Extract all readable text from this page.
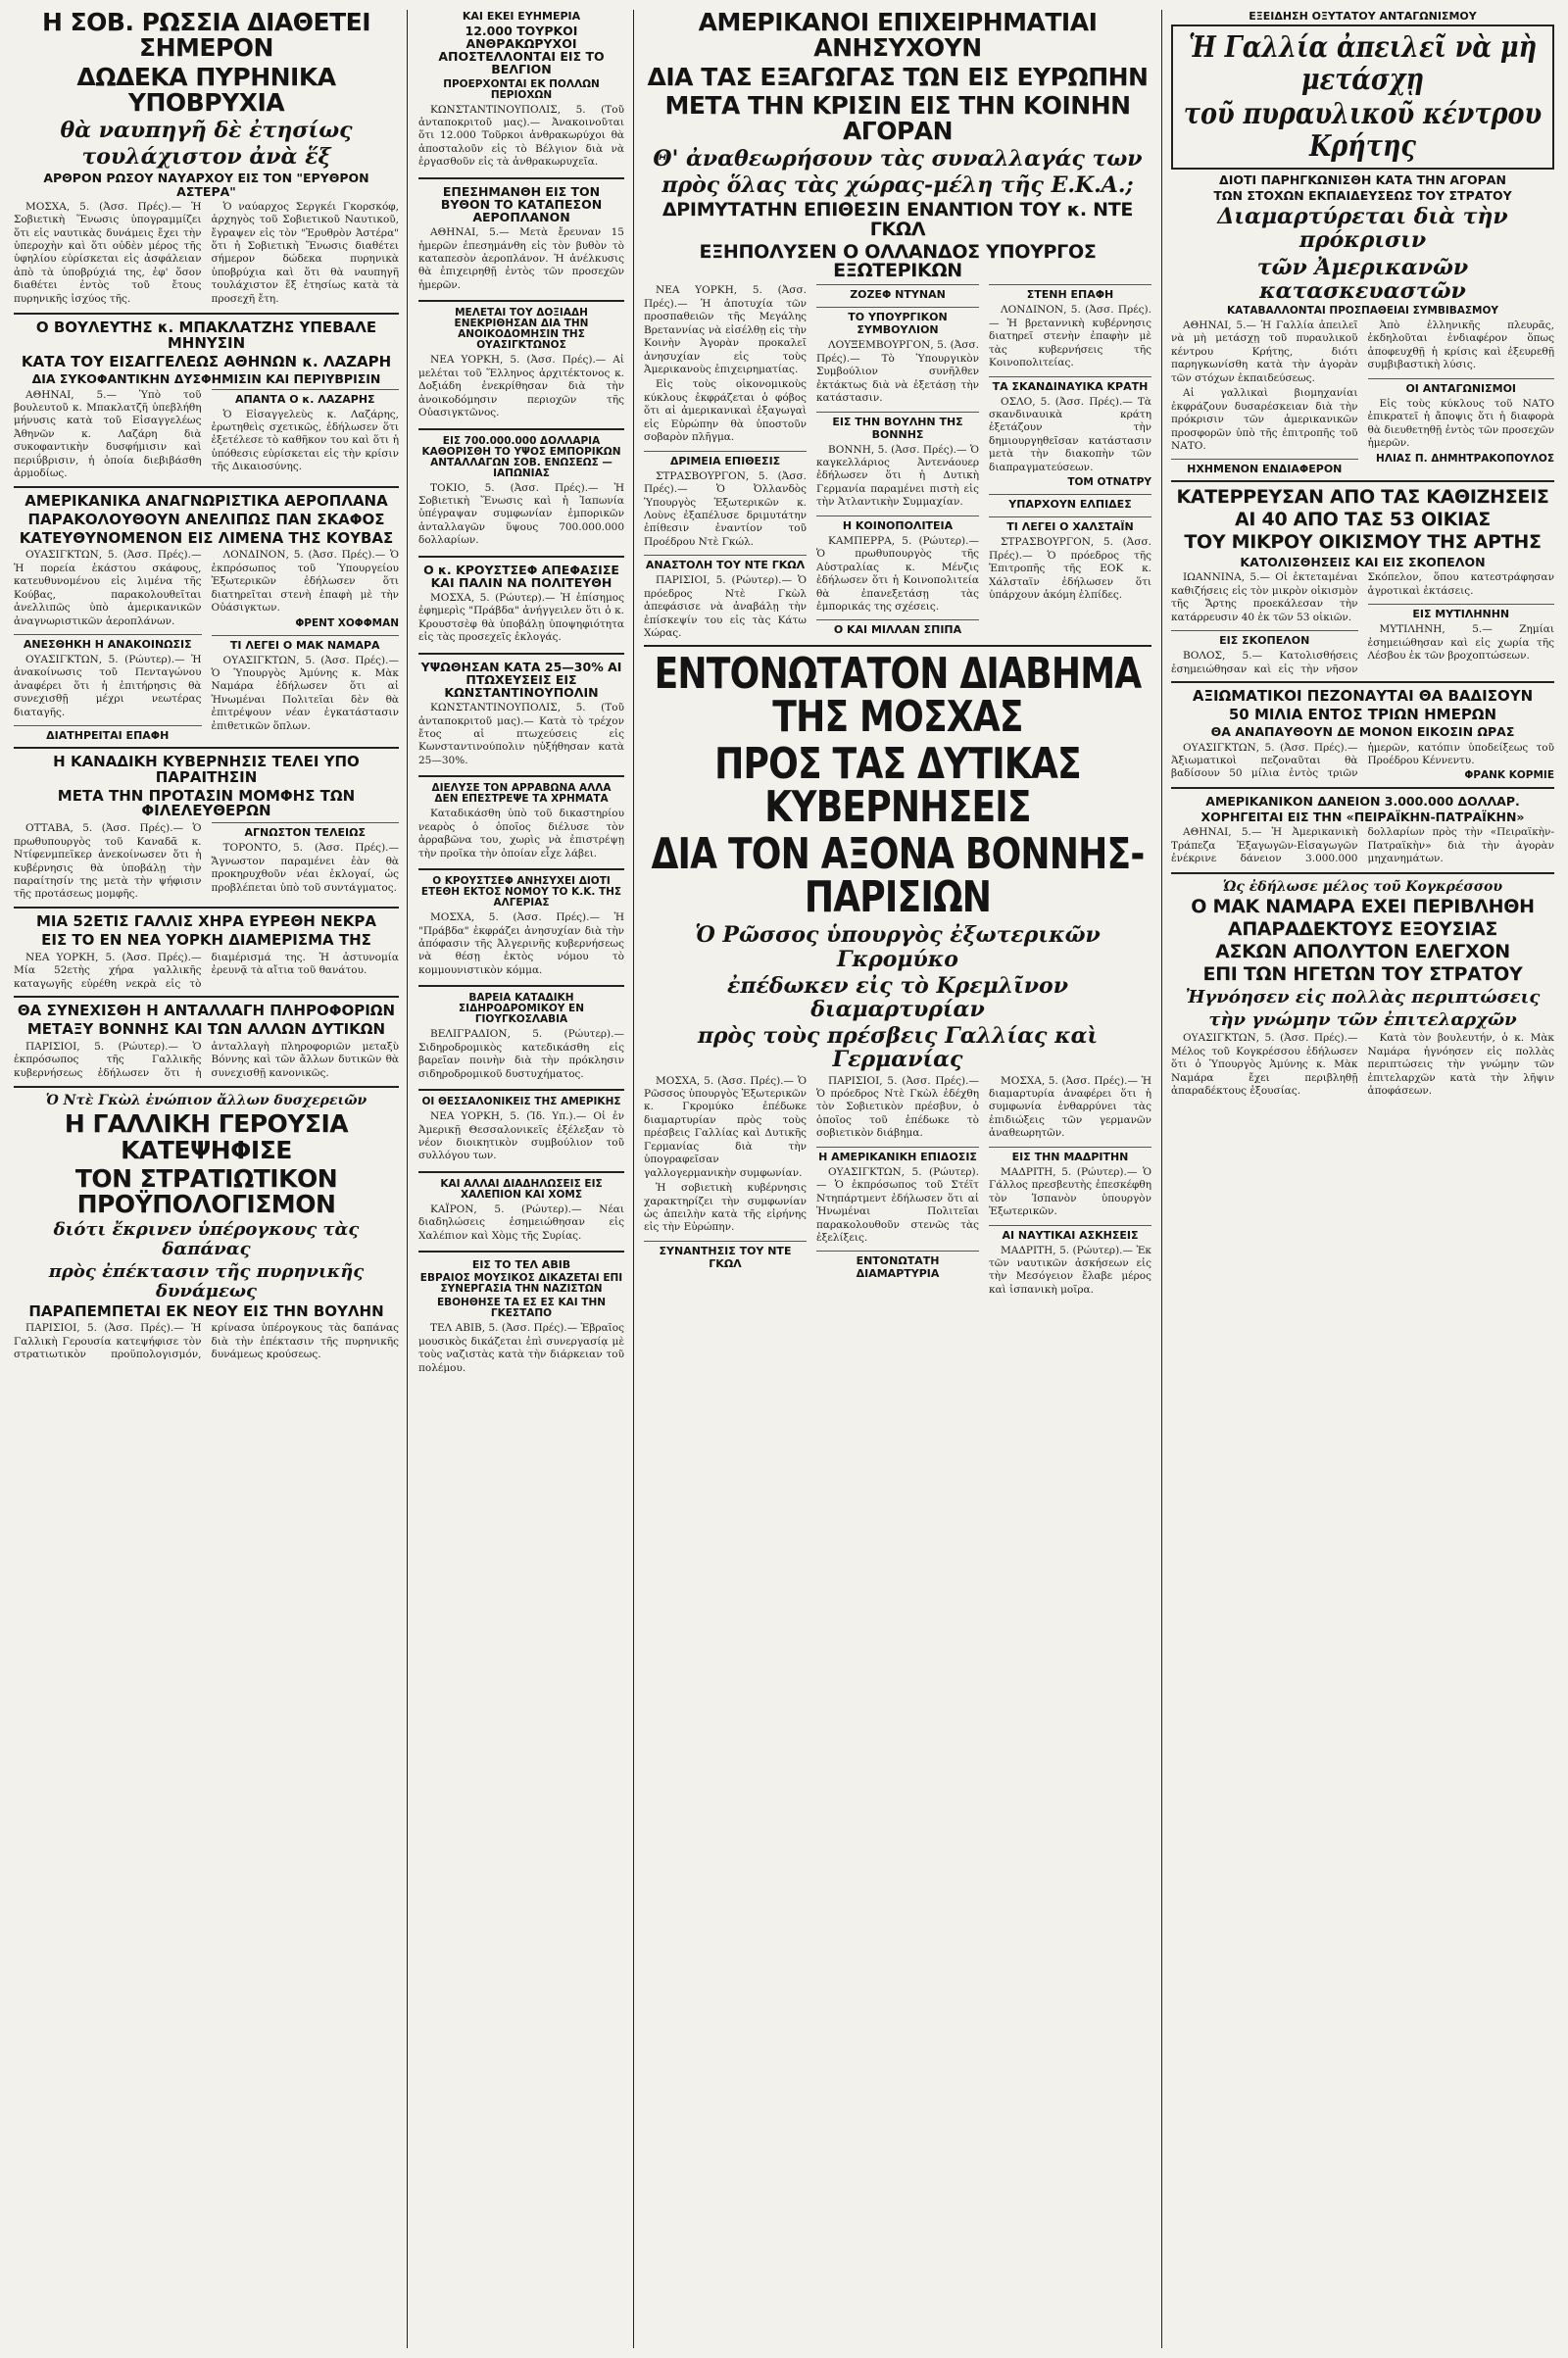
Η ΣΟΒ. ΡΩΣΣΙΑ ΔΙΑΘΕΤΕΙ ΣΗΜΕΡΟΝ
ΔΩΔΕΚΑ ΠΥΡΗΝΙΚΑ ΥΠΟΒΡΥΧΙΑ
θὰ ναυπηγῆ δὲ ἐτησίως
τουλάχιστον ἀνὰ ἕξ
ΑΡΘΡΟΝ ΡΩΣΟΥ ΝΑΥΑΡΧΟΥ ΕΙΣ ΤΟΝ "ΕΡΥΘΡΟΝ ΑΣΤΕΡΑ"

ΜΟΣΧΑ, 5. (Ἀσσ. Πρές).— Ἡ Σοβιετικὴ Ἕνωσις ὑπογραμμίζει ὅτι εἰς ναυτικὰς δυνάμεις ἔχει τὴν ὑπεροχὴν καὶ ὅτι οὐδὲν μέρος τῆς ὑφηλίου εὑρίσκεται εἰς ἀσφάλειαν ἀπὸ τὰ ὑποβρύχιά της, ἐφ' ὅσον διαθέτει ἐντὸς τοῦ ἔτους πυρηνικῆς ἰσχύος τῆς.

Ὁ ναύαρχος Σεργκέι Γκορσκόφ, ἀρχηγὸς τοῦ Σοβιετικοῦ Ναυτικοῦ, ἔγραψεν εἰς τὸν "Ἐρυθρὸν Ἀστέρα" ὅτι ἡ Σοβιετικὴ Ἕνωσις διαθέτει σήμερον δώδεκα πυρηνικὰ ὑποβρύχια καὶ ὅτι θὰ ναυπηγῆ τουλάχιστον ἕξ ἐτησίως κατὰ τὰ προσεχῆ ἔτη.

Ο ΒΟΥΛΕΥΤΗΣ κ. ΜΠΑΚΛΑΤΖΗΣ ΥΠΕΒΑΛΕ ΜΗΝΥΣΙΝ
ΚΑΤΑ ΤΟΥ ΕΙΣΑΓΓΕΛΕΩΣ ΑΘΗΝΩΝ κ. ΛΑΖΑΡΗ
ΔΙΑ ΣΥΚΟΦΑΝΤΙΚΗΝ ΔΥΣΦΗΜΙΣΙΝ ΚΑΙ ΠΕΡΙΥΒΡΙΣΙΝ

ΑΘΗΝΑΙ, 5.— Ὑπὸ τοῦ βουλευτοῦ κ. Μπακλατζῆ ὑπεβλήθη μήνυσις κατὰ τοῦ Εἰσαγγελέως Ἀθηνῶν κ. Λαζάρη διὰ συκοφαντικὴν δυσφήμισιν καὶ περιΰβρισιν, ἡ ὁποία διεβιβάσθη ἀρμοδίως.

ΑΠΑΝΤΑ Ο κ. ΛΑΖΑΡΗΣ

Ὁ Εἰσαγγελεὺς κ. Λαζάρης, ἐρωτηθεὶς σχετικῶς, ἐδήλωσεν ὅτι ἐξετέλεσε τὸ καθῆκον του καὶ ὅτι ἡ ὑπόθεσις εὑρίσκεται εἰς τὴν κρίσιν τῆς Δικαιοσύνης.

ΑΜΕΡΙΚΑΝΙΚΑ ΑΝΑΓΝΩΡΙΣΤΙΚΑ ΑΕΡΟΠΛΑΝΑ
ΠΑΡΑΚΟΛΟΥΘΟΥΝ ΑΝΕΛΙΠΩΣ ΠΑΝ ΣΚΑΦΟΣ
ΚΑΤΕΥΘΥΝΟΜΕΝΟΝ ΕΙΣ ΛΙΜΕΝΑ ΤΗΣ ΚΟΥΒΑΣ

ΟΥΑΣΙΓΚΤΩΝ, 5. (Ἀσσ. Πρές).— Ἡ πορεία ἑκάστου σκάφους, κατευθυνομένου εἰς λιμένα τῆς Κούβας, παρακολουθεῖται ἀνελλιπῶς ὑπὸ ἀμερικανικῶν ἀναγνωριστικῶν ἀεροπλάνων.

ΑΝΕΣΘΗΚΗ Η ΑΝΑΚΟΙΝΩΣΙΣ

ΟΥΑΣΙΓΚΤΩΝ, 5. (Ρώυτερ).— Ἡ ἀνακοίνωσις τοῦ Πενταγώνου ἀναφέρει ὅτι ἡ ἐπιτήρησις θὰ συνεχισθῇ μέχρι νεωτέρας διαταγῆς.

ΔΙΑΤΗΡΕΙΤΑΙ ΕΠΑΦΗ

ΛΟΝΔΙΝΟΝ, 5. (Ἀσσ. Πρές).— Ὁ ἐκπρόσωπος τοῦ Ὑπουργείου Ἐξωτερικῶν ἐδήλωσεν ὅτι διατηρεῖται στενὴ ἐπαφὴ μὲ τὴν Οὐάσιγκτων.

ΦΡΕΝΤ ΧΟΦΦΜΑΝ
ΤΙ ΛΕΓΕΙ Ο ΜΑΚ ΝΑΜΑΡΑ

ΟΥΑΣΙΓΚΤΩΝ, 5. (Ἀσσ. Πρές).— Ὁ Ὑπουργὸς Ἀμύνης κ. Μὰκ Ναμάρα ἐδήλωσεν ὅτι αἱ Ἡνωμέναι Πολιτεῖαι δὲν θὰ ἐπιτρέψουν νέαν ἐγκατάστασιν ἐπιθετικῶν ὅπλων.

Η ΚΑΝΑΔΙΚΗ ΚΥΒΕΡΝΗΣΙΣ ΤΕΛΕΙ ΥΠΟ ΠΑΡΑΙΤΗΣΙΝ
ΜΕΤΑ ΤΗΝ ΠΡΟΤΑΣΙΝ ΜΟΜΦΗΣ ΤΩΝ ΦΙΛΕΛΕΥΘΕΡΩΝ

ΟΤΤΑΒΑ, 5. (Ἀσσ. Πρές).— Ὁ πρωθυπουργὸς τοῦ Καναδᾶ κ. Ντίφενμπεϊκερ ἀνεκοίνωσεν ὅτι ἡ κυβέρνησις θὰ ὑποβάλῃ τὴν παραίτησίν της μετὰ τὴν ψήφισιν τῆς προτάσεως μομφῆς.

ΑΓΝΩΣΤΟΝ ΤΕΛΕΙΩΣ

ΤΟΡΟΝΤΟ, 5. (Ἀσσ. Πρές).— Ἄγνωστον παραμένει ἐὰν θὰ προκηρυχθοῦν νέαι ἐκλογαί, ὡς προβλέπεται ὑπὸ τοῦ συντάγματος.

ΜΙΑ 52ΕΤΙΣ ΓΑΛΛΙΣ ΧΗΡΑ ΕΥΡΕΘΗ ΝΕΚΡΑ
ΕΙΣ ΤΟ ΕΝ ΝΕΑ ΥΟΡΚΗ ΔΙΑΜΕΡΙΣΜΑ ΤΗΣ

ΝΕΑ ΥΟΡΚΗ, 5. (Ἀσσ. Πρές).— Μία 52ετὴς χήρα γαλλικῆς καταγωγῆς εὑρέθη νεκρὰ εἰς τὸ διαμέρισμά της. Ἡ ἀστυνομία ἐρευνᾷ τὰ αἴτια τοῦ θανάτου.

ΘΑ ΣΥΝΕΧΙΣΘΗ Η ΑΝΤΑΛΛΑΓΗ ΠΛΗΡΟΦΟΡΙΩΝ
ΜΕΤΑΞΥ ΒΟΝΝΗΣ ΚΑΙ ΤΩΝ ΑΛΛΩΝ ΔΥΤΙΚΩΝ

ΠΑΡΙΣΙΟΙ, 5. (Ρώυτερ).— Ὁ ἐκπρόσωπος τῆς Γαλλικῆς κυβερνήσεως ἐδήλωσεν ὅτι ἡ ἀνταλλαγὴ πληροφοριῶν μεταξὺ Βόννης καὶ τῶν ἄλλων δυτικῶν θὰ συνεχισθῇ κανονικῶς.

Ὁ Ντὲ Γκὼλ ἐνώπιον ἄλλων δυσχερειῶν
Η ΓΑΛΛΙΚΗ ΓΕΡΟΥΣΙΑ ΚΑΤΕΨΗΦΙΣΕ
ΤΟΝ ΣΤΡΑΤΙΩΤΙΚΟΝ ΠΡΟΫΠΟΛΟΓΙΣΜΟΝ
διότι ἔκρινεν ὑπέρογκους τὰς δαπάνας
πρὸς ἐπέκτασιν τῆς πυρηνικῆς δυνάμεως
ΠΑΡΑΠΕΜΠΕΤΑΙ ΕΚ ΝΕΟΥ ΕΙΣ ΤΗΝ ΒΟΥΛΗΝ

ΠΑΡΙΣΙΟΙ, 5. (Ἀσσ. Πρές).— Ἡ Γαλλικὴ Γερουσία κατεψήφισε τὸν στρατιωτικὸν προϋπολογισμόν, κρίνασα ὑπέρογκους τὰς δαπάνας διὰ τὴν ἐπέκτασιν τῆς πυρηνικῆς δυνάμεως κρούσεως.

ΚΑΙ ΕΚΕΙ ΕΥΗΜΕΡΙΑ
12.000 ΤΟΥΡΚΟΙ ΑΝΘΡΑΚΩΡΥΧΟΙ ΑΠΟΣΤΕΛΛΟΝΤΑΙ ΕΙΣ ΤΟ ΒΕΛΓΙΟΝ
ΠΡΟΕΡΧΟΝΤΑΙ ΕΚ ΠΟΛΛΩΝ ΠΕΡΙΟΧΩΝ

ΚΩΝΣΤΑΝΤΙΝΟΥΠΟΛΙΣ, 5. (Τοῦ ἀνταποκριτοῦ μας).— Ἀνακοινοῦται ὅτι 12.000 Τοῦρκοι ἀνθρακωρύχοι θὰ ἀποσταλοῦν εἰς τὸ Βέλγιον διὰ νὰ ἐργασθοῦν εἰς τὰ ἀνθρακωρυχεῖα.

ΕΠΕΣΗΜΑΝΘΗ ΕΙΣ ΤΟΝ ΒΥΘΟΝ ΤΟ ΚΑΤΑΠΕΣΟΝ ΑΕΡΟΠΛΑΝΟΝ

ΑΘΗΝΑΙ, 5.— Μετὰ ἔρευναν 15 ἡμερῶν ἐπεσημάνθη εἰς τὸν βυθὸν τὸ καταπεσὸν ἀεροπλάνον. Ἡ ἀνέλκυσις θὰ ἐπιχειρηθῇ ἐντὸς τῶν προσεχῶν ἡμερῶν.

ΜΕΛΕΤΑΙ ΤΟΥ ΔΟΞΙΑΔΗ ΕΝΕΚΡΙΘΗΣΑΝ ΔΙΑ ΤΗΝ ΑΝΟΙΚΟΔΟΜΗΣΙΝ ΤΗΣ ΟΥΑΣΙΓΚΤΩΝΟΣ

ΝΕΑ ΥΟΡΚΗ, 5. (Ἀσσ. Πρές).— Αἱ μελέται τοῦ Ἕλληνος ἀρχιτέκτονος κ. Δοξιάδη ἐνεκρίθησαν διὰ τὴν ἀνοικοδόμησιν περιοχῶν τῆς Οὐασιγκτῶνος.

ΕΙΣ 700.000.000 ΔΟΛΛΑΡΙΑ ΚΑΘΟΡΙΣΘΗ ΤΟ ΥΨΟΣ ΕΜΠΟΡΙΚΩΝ ΑΝΤΑΛΛΑΓΩΝ ΣΟΒ. ΕΝΩΣΕΩΣ — ΙΑΠΩΝΙΑΣ

ΤΟΚΙΟ, 5. (Ἀσσ. Πρές).— Ἡ Σοβιετικὴ Ἕνωσις καὶ ἡ Ἰαπωνία ὑπέγραψαν συμφωνίαν ἐμπορικῶν ἀνταλλαγῶν ὕψους 700.000.000 δολλαρίων.

Ο κ. ΚΡΟΥΣΤΣΕΦ ΑΠΕΦΑΣΙΣΕ ΚΑΙ ΠΑΛΙΝ ΝΑ ΠΟΛΙΤΕΥΘΗ

ΜΟΣΧΑ, 5. (Ρώυτερ).— Ἡ ἐπίσημος ἐφημερὶς "Πράβδα" ἀνήγγειλεν ὅτι ὁ κ. Κρουστσὲφ θὰ ὑποβάλῃ ὑποψηφιότητα εἰς τὰς προσεχεῖς ἐκλογάς.

ΥΨΩΘΗΣΑΝ ΚΑΤΑ 25—30% ΑΙ ΠΤΩΧΕΥΣΕΙΣ ΕΙΣ ΚΩΝΣΤΑΝΤΙΝΟΥΠΟΛΙΝ

ΚΩΝΣΤΑΝΤΙΝΟΥΠΟΛΙΣ, 5. (Τοῦ ἀνταποκριτοῦ μας).— Κατὰ τὸ τρέχον ἔτος αἱ πτωχεύσεις εἰς Κωνσταντινούπολιν ηὐξήθησαν κατὰ 25—30%.

ΔΙΕΛΥΣΕ ΤΟΝ ΑΡΡΑΒΩΝΑ ΑΛΛΑ ΔΕΝ ΕΠΕΣΤΡΕΨΕ ΤΑ ΧΡΗΜΑΤΑ

Καταδικάσθη ὑπὸ τοῦ δικαστηρίου νεαρὸς ὁ ὁποῖος διέλυσε τὸν ἀρραβῶνα του, χωρὶς νὰ ἐπιστρέψῃ τὴν προῖκα τὴν ὁποίαν εἶχε λάβει.

Ο ΚΡΟΥΣΤΣΕΦ ΑΝΗΣΥΧΕΙ ΔΙΟΤΙ ΕΤΕΘΗ ΕΚΤΟΣ ΝΟΜΟΥ ΤΟ Κ.Κ. ΤΗΣ ΑΛΓΕΡΙΑΣ

ΜΟΣΧΑ, 5. (Ἀσσ. Πρές).— Ἡ "Πράβδα" ἐκφράζει ἀνησυχίαν διὰ τὴν ἀπόφασιν τῆς Ἀλγερινῆς κυβερνήσεως νὰ θέσῃ ἐκτὸς νόμου τὸ κομμουνιστικὸν κόμμα.

ΒΑΡΕΙΑ ΚΑΤΑΔΙΚΗ ΣΙΔΗΡΟΔΡΟΜΙΚΟΥ ΕΝ ΓΙΟΥΓΚΟΣΛΑΒΙΑ

ΒΕΛΙΓΡΑΔΙΟΝ, 5. (Ρώυτερ).— Σιδηροδρομικὸς κατεδικάσθη εἰς βαρεῖαν ποινὴν διὰ τὴν πρόκλησιν σιδηροδρομικοῦ δυστυχήματος.

ΟΙ ΘΕΣΣΑΛΟΝΙΚΕΙΣ ΤΗΣ ΑΜΕΡΙΚΗΣ

ΝΕΑ ΥΟΡΚΗ, 5. (Ἰδ. Υπ.).— Οἱ ἐν Ἀμερικῇ Θεσσαλονικεῖς ἐξέλεξαν τὸ νέον διοικητικὸν συμβούλιον τοῦ συλλόγου των.

ΚΑΙ ΑΛΛΑΙ ΔΙΑΔΗΛΩΣΕΙΣ ΕΙΣ ΧΑΛΕΠΙΟΝ ΚΑΙ ΧΟΜΣ

ΚΑΪΡΟΝ, 5. (Ρώυτερ).— Νέαι διαδηλώσεις ἐσημειώθησαν εἰς Χαλέπιον καὶ Χὸμς τῆς Συρίας.

ΕΙΣ ΤΟ ΤΕΛ ΑΒΙΒ
ΕΒΡΑΙΟΣ ΜΟΥΣΙΚΟΣ ΔΙΚΑΖΕΤΑΙ ΕΠΙ ΣΥΝΕΡΓΑΣΙΑ ΤΗΝ ΝΑΖΙΣΤΩΝ
ΕΒΟΗΘΗΣΕ ΤΑ ΕΣ ΕΣ ΚΑΙ ΤΗΝ ΓΚΕΣΤΑΠΟ

ΤΕΛ ΑΒΙΒ, 5. (Ἀσσ. Πρές).— Ἑβραῖος μουσικὸς δικάζεται ἐπὶ συνεργασίᾳ μὲ τοὺς ναζιστὰς κατὰ τὴν διάρκειαν τοῦ πολέμου.

ΑΜΕΡΙΚΑΝΟΙ ΕΠΙΧΕΙΡΗΜΑΤΙΑΙ ΑΝΗΣΥΧΟΥΝ
ΔΙΑ ΤΑΣ ΕΞΑΓΩΓΑΣ ΤΩΝ ΕΙΣ ΕΥΡΩΠΗΝ
ΜΕΤΑ ΤΗΝ ΚΡΙΣΙΝ ΕΙΣ ΤΗΝ ΚΟΙΝΗΝ ΑΓΟΡΑΝ
Θ' ἀναθεωρήσουν τὰς συναλλαγάς των
πρὸς ὅλας τὰς χώρας-μέλη τῆς Ε.Κ.Α.;
ΔΡΙΜΥΤΑΤΗΝ ΕΠΙΘΕΣΙΝ ΕΝΑΝΤΙΟΝ ΤΟΥ κ. ΝΤΕ ΓΚΩΛ
ΕΞΗΠΟΛΥΣΕΝ Ο ΟΛΛΑΝΔΟΣ ΥΠΟΥΡΓΟΣ ΕΞΩΤΕΡΙΚΩΝ

ΝΕΑ ΥΟΡΚΗ, 5. (Ἀσσ. Πρές).— Ἡ ἀποτυχία τῶν προσπαθειῶν τῆς Μεγάλης Βρεταννίας νὰ εἰσέλθῃ εἰς τὴν Κοινὴν Ἀγορὰν προκαλεῖ ἀνησυχίαν εἰς τοὺς Ἀμερικανοὺς ἐπιχειρηματίας.

Εἰς τοὺς οἰκονομικοὺς κύκλους ἐκφράζεται ὁ φόβος ὅτι αἱ ἀμερικανικαὶ ἐξαγωγαὶ εἰς Εὐρώπην θὰ ὑποστοῦν σοβαρὸν πλῆγμα.

ΔΡΙΜΕΙΑ ΕΠΙΘΕΣΙΣ

ΣΤΡΑΣΒΟΥΡΓΟΝ, 5. (Ἀσσ. Πρές).— Ὁ Ὀλλανδὸς Ὑπουργὸς Ἐξωτερικῶν κ. Λοὺνς ἐξαπέλυσε δριμυτάτην ἐπίθεσιν ἐναντίον τοῦ Προέδρου Ντὲ Γκώλ.

ΑΝΑΣΤΟΛΗ ΤΟΥ ΝΤΕ ΓΚΩΛ

ΠΑΡΙΣΙΟΙ, 5. (Ρώυτερ).— Ὁ πρόεδρος Ντὲ Γκὼλ ἀπεφάσισε νὰ ἀναβάλῃ τὴν ἐπίσκεψίν του εἰς τὰς Κάτω Χώρας.

ΖΟΖΕΦ ΝΤΥΝΑΝ
ΤΟ ΥΠΟΥΡΓΙΚΟΝ ΣΥΜΒΟΥΛΙΟΝ

ΛΟΥΞΕΜΒΟΥΡΓΟΝ, 5. (Ἀσσ. Πρές).— Τὸ Ὑπουργικὸν Συμβούλιον συνῆλθεν ἐκτάκτως διὰ νὰ ἐξετάσῃ τὴν κατάστασιν.

ΕΙΣ ΤΗΝ ΒΟΥΛΗΝ ΤΗΣ ΒΟΝΝΗΣ

ΒΟΝΝΗ, 5. (Ἀσσ. Πρές).— Ὁ καγκελλάριος Ἀντενάουερ ἐδήλωσεν ὅτι ἡ Δυτικὴ Γερμανία παραμένει πιστὴ εἰς τὴν Ἀτλαντικὴν Συμμαχίαν.

Η ΚΟΙΝΟΠΟΛΙΤΕΙΑ

ΚΑΜΠΕΡΡΑ, 5. (Ρώυτερ).— Ὁ πρωθυπουργὸς τῆς Αὐστραλίας κ. Μένζις ἐδήλωσεν ὅτι ἡ Κοινοπολιτεία θὰ ἐπανεξετάσῃ τὰς ἐμπορικάς της σχέσεις.

Ο ΚΑΙ ΜΙΛΛΑΝ ΣΠΙΠΑ
ΣΤΕΝΗ ΕΠΑΦΗ

ΛΟΝΔΙΝΟΝ, 5. (Ἀσσ. Πρές).— Ἡ βρεταννικὴ κυβέρνησις διατηρεῖ στενὴν ἐπαφὴν μὲ τὰς κυβερνήσεις τῆς Κοινοπολιτείας.

ΤΑ ΣΚΑΝΔΙΝΑΥΙΚΑ ΚΡΑΤΗ

ΟΣΛΟ, 5. (Ἀσσ. Πρές).— Τὰ σκανδιναυικὰ κράτη ἐξετάζουν τὴν δημιουργηθεῖσαν κατάστασιν μετὰ τὴν διακοπὴν τῶν διαπραγματεύσεων.

ΤΟΜ ΟΤΝΑΤΡΥ
ΥΠΑΡΧΟΥΝ ΕΛΠΙΔΕΣ
ΤΙ ΛΕΓΕΙ Ο ΧΑΛΣΤΑΪΝ

ΣΤΡΑΣΒΟΥΡΓΟΝ, 5. (Ἀσσ. Πρές).— Ὁ πρόεδρος τῆς Ἐπιτροπῆς τῆς ΕΟΚ κ. Χάλσταϊν ἐδήλωσεν ὅτι ὑπάρχουν ἀκόμη ἐλπίδες.

ΕΝΤΟΝΩΤΑΤΟΝ ΔΙΑΒΗΜΑ ΤΗΣ ΜΟΣΧΑΣ
ΠΡΟΣ ΤΑΣ ΔΥΤΙΚΑΣ ΚΥΒΕΡΝΗΣΕΙΣ
ΔΙΑ ΤΟΝ ΑΞΟΝΑ ΒΟΝΝΗΣ-ΠΑΡΙΣΙΩΝ
Ὁ Ρῶσσος ὑπουργὸς ἐξωτερικῶν Γκρομύκο
ἐπέδωκεν εἰς τὸ Κρεμλῖνον διαμαρτυρίαν
πρὸς τοὺς πρέσβεις Γαλλίας καὶ Γερμανίας

ΜΟΣΧΑ, 5. (Ἀσσ. Πρές).— Ὁ Ρῶσσος ὑπουργὸς Ἐξωτερικῶν κ. Γκρομύκο ἐπέδωκε διαμαρτυρίαν πρὸς τοὺς πρέσβεις Γαλλίας καὶ Δυτικῆς Γερμανίας διὰ τὴν ὑπογραφεῖσαν γαλλογερμανικὴν συμφωνίαν.

Ἡ σοβιετικὴ κυβέρνησις χαρακτηρίζει τὴν συμφωνίαν ὡς ἀπειλὴν κατὰ τῆς εἰρήνης εἰς τὴν Εὐρώπην.

ΣΥΝΑΝΤΗΣΙΣ ΤΟΥ ΝΤΕ ΓΚΩΛ

ΠΑΡΙΣΙΟΙ, 5. (Ἀσσ. Πρές).— Ὁ πρόεδρος Ντὲ Γκὼλ ἐδέχθη τὸν Σοβιετικὸν πρέσβυν, ὁ ὁποῖος τοῦ ἐπέδωκε τὸ σοβιετικὸν διάβημα.

Η ΑΜΕΡΙΚΑΝΙΚΗ ΕΠΙΔΟΣΙΣ

ΟΥΑΣΙΓΚΤΩΝ, 5. (Ρώυτερ).— Ὁ ἐκπρόσωπος τοῦ Στέϊτ Ντηπάρτμεντ ἐδήλωσεν ὅτι αἱ Ἡνωμέναι Πολιτεῖαι παρακολουθοῦν στενῶς τὰς ἐξελίξεις.

ΕΝΤΟΝΩΤΑΤΗ ΔΙΑΜΑΡΤΥΡΙΑ

ΜΟΣΧΑ, 5. (Ἀσσ. Πρές).— Ἡ διαμαρτυρία ἀναφέρει ὅτι ἡ συμφωνία ἐνθαρρύνει τὰς ἐπιδιώξεις τῶν γερμανῶν ἀναθεωρητῶν.

ΕΙΣ ΤΗΝ ΜΑΔΡΙΤΗΝ

ΜΑΔΡΙΤΗ, 5. (Ρώυτερ).— Ὁ Γάλλος πρεσβευτὴς ἐπεσκέφθη τὸν Ἱσπανὸν ὑπουργὸν Ἐξωτερικῶν.

ΑΙ ΝΑΥΤΙΚΑΙ ΑΣΚΗΣΕΙΣ

ΜΑΔΡΙΤΗ, 5. (Ρώυτερ).— Ἐκ τῶν ναυτικῶν ἀσκήσεων εἰς τὴν Μεσόγειον ἔλαβε μέρος καὶ ἰσπανικὴ μοῖρα.

ΕΞΕΙΔΗΣΗ ΟΞΥΤΑΤΟΥ ΑΝΤΑΓΩΝΙΣΜΟΥ
Ἡ Γαλλία ἀπειλεῖ νὰ μὴ μετάσχῃ
τοῦ πυραυλικοῦ κέντρου Κρήτης
ΔΙΟΤΙ ΠΑΡΗΓΚΩΝΙΣΘΗ ΚΑΤΑ ΤΗΝ ΑΓΟΡΑΝ
ΤΩΝ ΣΤΟΧΩΝ ΕΚΠΑΙΔΕΥΣΕΩΣ ΤΟΥ ΣΤΡΑΤΟΥ
Διαμαρτύρεται διὰ τὴν πρόκρισιν
τῶν Ἀμερικανῶν κατασκευαστῶν
ΚΑΤΑΒΑΛΛΟΝΤΑΙ ΠΡΟΣΠΑΘΕΙΑΙ ΣΥΜΒΙΒΑΣΜΟΥ

ΑΘΗΝΑΙ, 5.— Ἡ Γαλλία ἀπειλεῖ νὰ μὴ μετάσχῃ τοῦ πυραυλικοῦ κέντρου Κρήτης, διότι παρηγκωνίσθη κατὰ τὴν ἀγορὰν τῶν στόχων ἐκπαιδεύσεως.

Αἱ γαλλικαὶ βιομηχανίαι ἐκφράζουν δυσαρέσκειαν διὰ τὴν πρόκρισιν τῶν ἀμερικανικῶν προσφορῶν ὑπὸ τῆς ἐπιτροπῆς τοῦ ΝΑΤΟ.

ΗΧΗΜΕΝΟΝ ΕΝΔΙΑΦΕΡΟΝ

Ἀπὸ ἑλληνικῆς πλευρᾶς, ἐκδηλοῦται ἐνδιαφέρον ὅπως ἀποφευχθῇ ἡ κρίσις καὶ ἐξευρεθῇ συμβιβαστικὴ λύσις.

ΟΙ ΑΝΤΑΓΩΝΙΣΜΟΙ

Εἰς τοὺς κύκλους τοῦ ΝΑΤΟ ἐπικρατεῖ ἡ ἄποψις ὅτι ἡ διαφορὰ θὰ διευθετηθῇ ἐντὸς τῶν προσεχῶν ἡμερῶν.

ΗΛΙΑΣ Π. ΔΗΜΗΤΡΑΚΟΠΟΥΛΟΣ
ΚΑΤΕΡΡΕΥΣΑΝ ΑΠΟ ΤΑΣ ΚΑΘΙΖΗΣΕΙΣ
ΑΙ 40 ΑΠΟ ΤΑΣ 53 ΟΙΚΙΑΣ
ΤΟΥ ΜΙΚΡΟΥ ΟΙΚΙΣΜΟΥ ΤΗΣ ΑΡΤΗΣ
ΚΑΤΟΛΙΣΘΗΣΕΙΣ ΚΑΙ ΕΙΣ ΣΚΟΠΕΛΟΝ

ΙΩΑΝΝΙΝΑ, 5.— Οἱ ἐκτεταμέναι καθιζήσεις εἰς τὸν μικρὸν οἰκισμὸν τῆς Ἄρτης προεκάλεσαν τὴν κατάρρευσιν 40 ἐκ τῶν 53 οἰκιῶν.

ΕΙΣ ΣΚΟΠΕΛΟΝ

ΒΟΛΟΣ, 5.— Κατολισθήσεις ἐσημειώθησαν καὶ εἰς τὴν νῆσον Σκόπελον, ὅπου κατεστράφησαν ἀγροτικαὶ ἐκτάσεις.

ΕΙΣ ΜΥΤΙΛΗΝΗΝ

ΜΥΤΙΛΗΝΗ, 5.— Ζημίαι ἐσημειώθησαν καὶ εἰς χωρία τῆς Λέσβου ἐκ τῶν βροχοπτώσεων.

ΑΞΙΩΜΑΤΙΚΟΙ ΠΕΖΟΝΑΥΤΑΙ ΘΑ ΒΑΔΙΣΟΥΝ
50 ΜΙΛΙΑ ΕΝΤΟΣ ΤΡΙΩΝ ΗΜΕΡΩΝ
ΘΑ ΑΝΑΠΑΥΘΟΥΝ ΔΕ ΜΟΝΟΝ ΕΙΚΟΣΙΝ ΩΡΑΣ

ΟΥΑΣΙΓΚΤΩΝ, 5. (Ἀσσ. Πρές).— Ἀξιωματικοὶ πεζοναῦται θὰ βαδίσουν 50 μίλια ἐντὸς τριῶν ἡμερῶν, κατόπιν ὑποδείξεως τοῦ Προέδρου Κέννεντυ.

ΦΡΑΝΚ ΚΟΡΜΙΕ
ΑΜΕΡΙΚΑΝΙΚΟΝ ΔΑΝΕΙΟΝ 3.000.000 ΔΟΛΛΑΡ.
ΧΟΡΗΓΕΙΤΑΙ ΕΙΣ ΤΗΝ «ΠΕΙΡΑΪΚΗΝ-ΠΑΤΡΑΪΚΗΝ»

ΑΘΗΝΑΙ, 5.— Ἡ Ἀμερικανικὴ Τράπεζα Ἐξαγωγῶν-Εἰσαγωγῶν ἐνέκρινε δάνειον 3.000.000 δολλαρίων πρὸς τὴν «Πειραϊκὴν-Πατραϊκὴν» διὰ τὴν ἀγορὰν μηχανημάτων.

Ὡς ἐδήλωσε μέλος τοῦ Κογκρέσσου
Ο ΜΑΚ ΝΑΜΑΡΑ ΕΧΕΙ ΠΕΡΙΒΛΗΘΗ
ΑΠΑΡΑΔΕΚΤΟΥΣ ΕΞΟΥΣΙΑΣ
ΑΣΚΩΝ ΑΠΟΛΥΤΟΝ ΕΛΕΓΧΟΝ
ΕΠΙ ΤΩΝ ΗΓΕΤΩΝ ΤΟΥ ΣΤΡΑΤΟΥ
Ἠγνόησεν εἰς πολλὰς περιπτώσεις
τὴν γνώμην τῶν ἐπιτελαρχῶν

ΟΥΑΣΙΓΚΤΩΝ, 5. (Ἀσσ. Πρές).— Μέλος τοῦ Κογκρέσσου ἐδήλωσεν ὅτι ὁ Ὑπουργὸς Ἀμύνης κ. Μὰκ Ναμάρα ἔχει περιβληθῇ ἀπαραδέκτους ἐξουσίας.

Κατὰ τὸν βουλευτήν, ὁ κ. Μὰκ Ναμάρα ἠγνόησεν εἰς πολλὰς περιπτώσεις τὴν γνώμην τῶν ἐπιτελαρχῶν κατὰ τὴν λῆψιν ἀποφάσεων.
